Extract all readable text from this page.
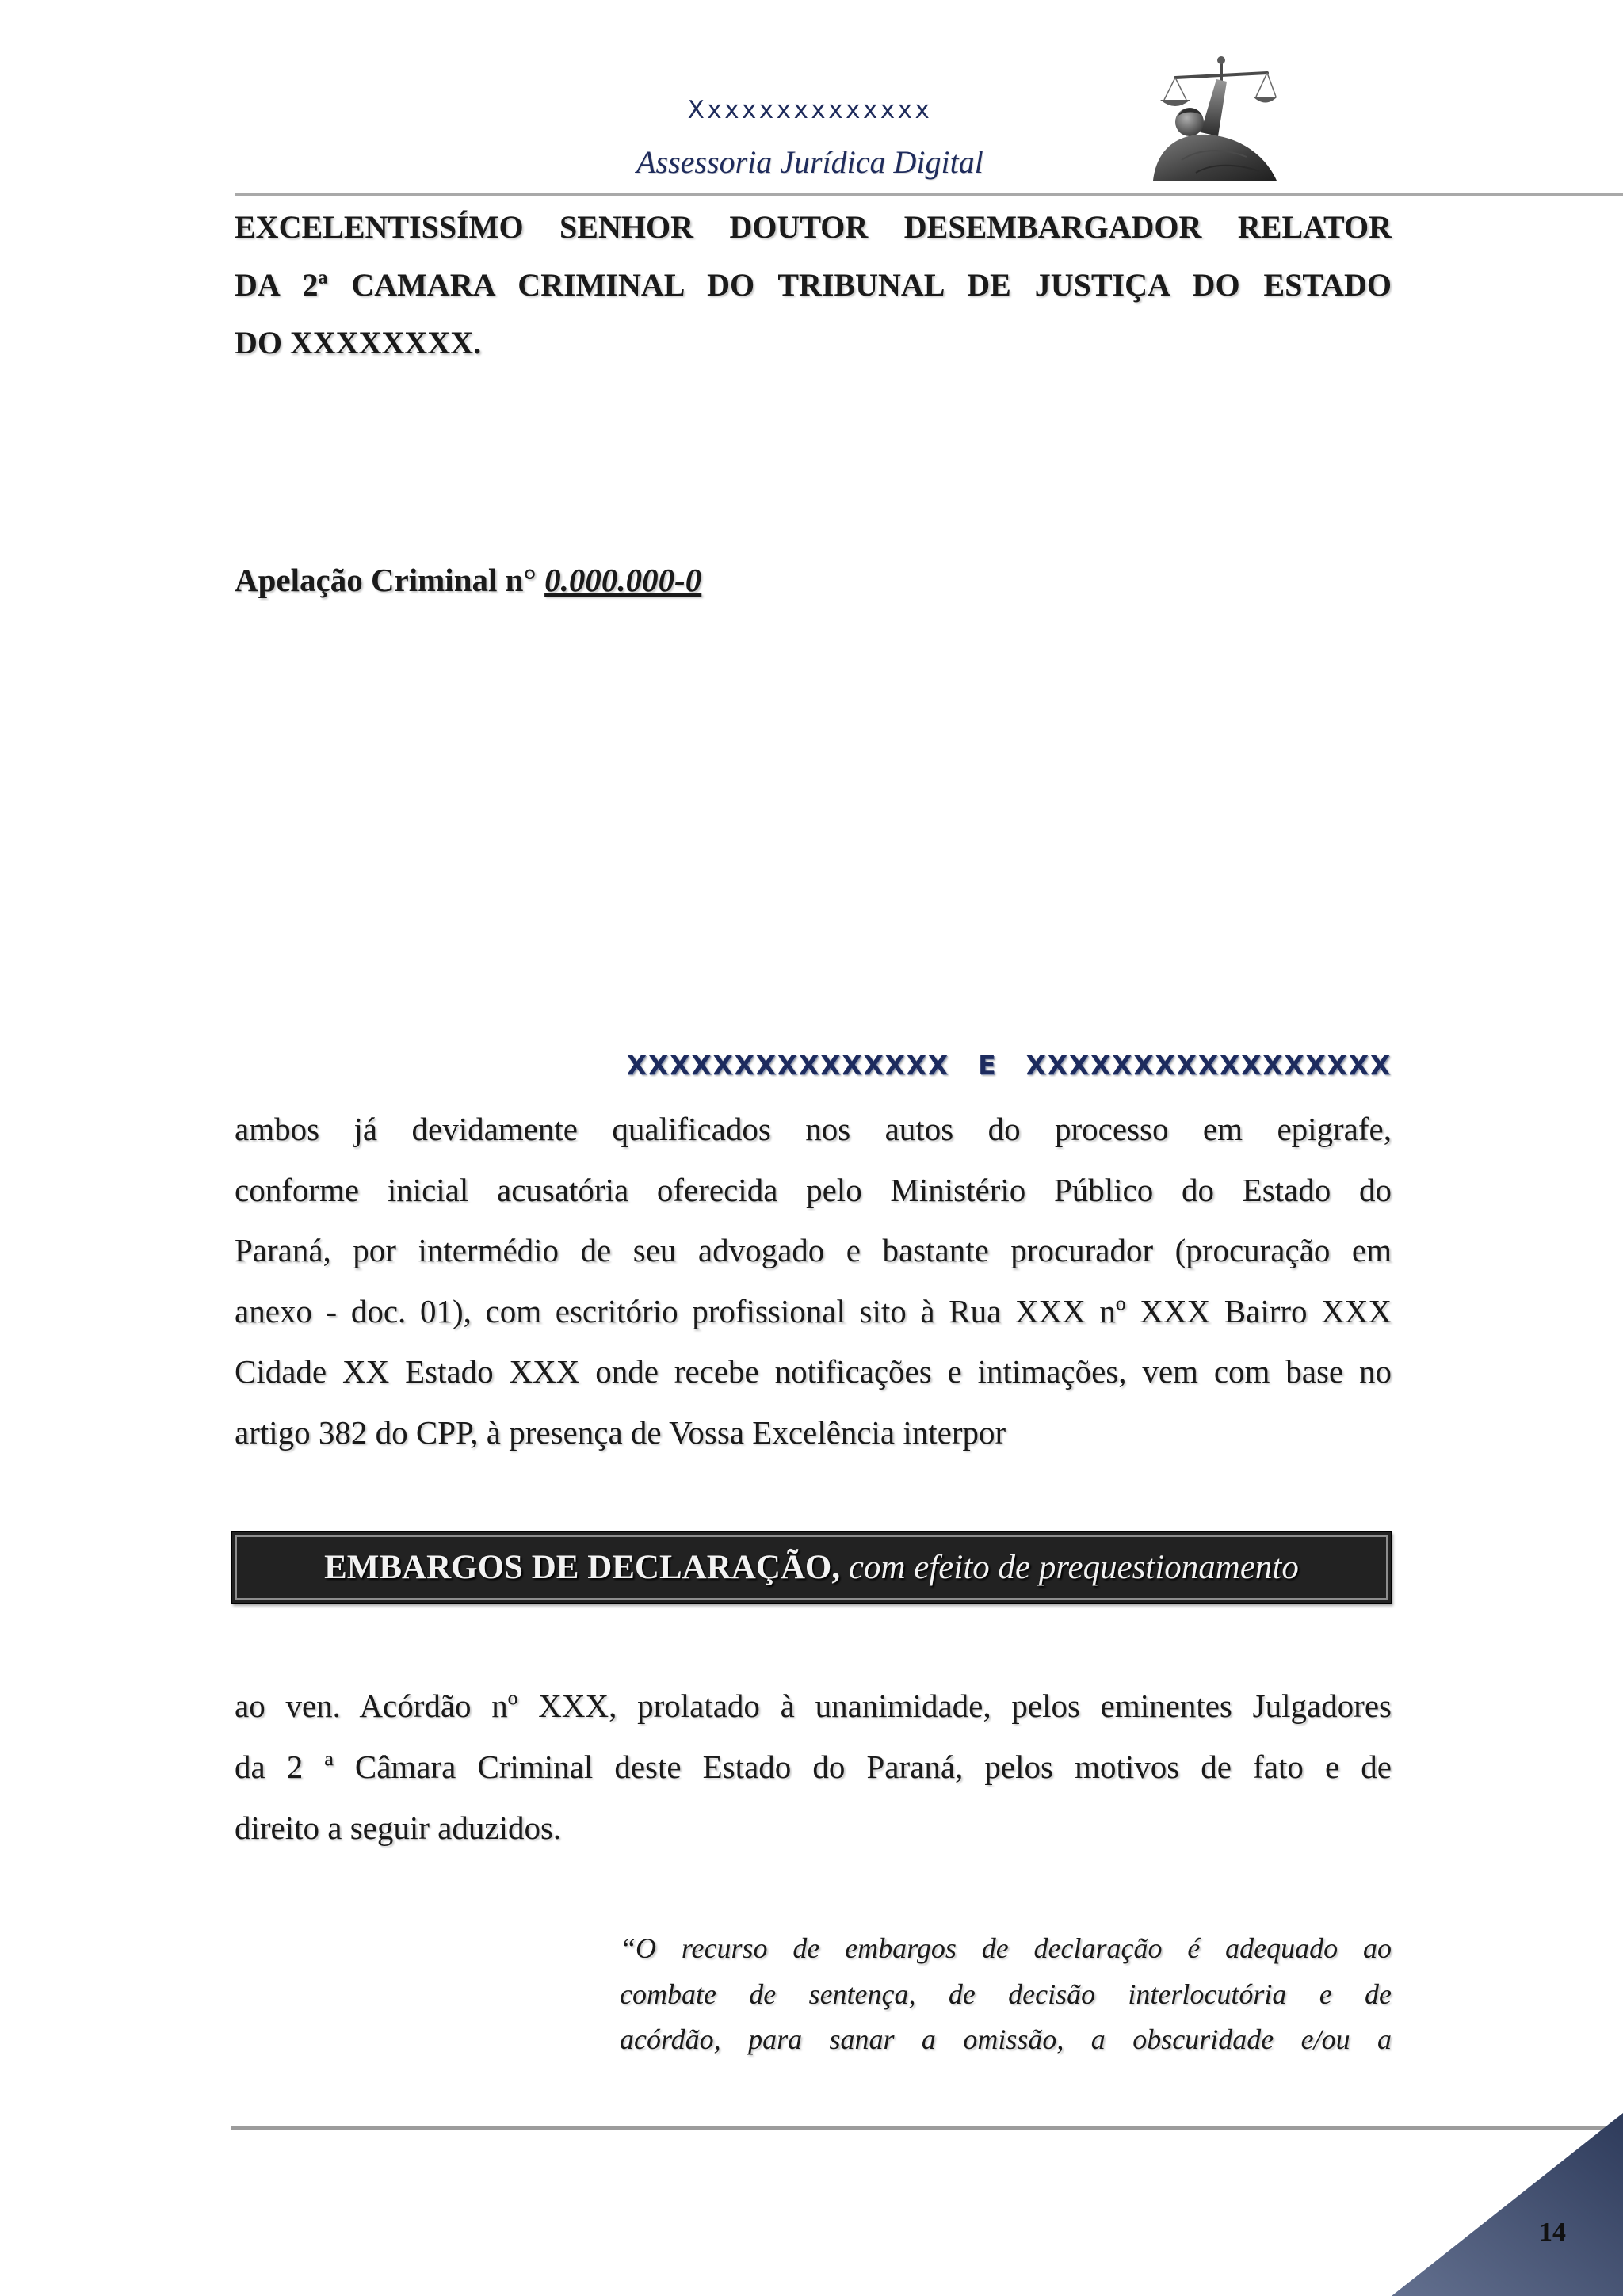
Xxxxxxxxxxxxxx
Assessoria Jurídica Digital
EXCELENTISSÍMO SENHOR DOUTOR DESEMBARGADOR RELATOR
DA 2ª CAMARA CRIMINAL DO TRIBUNAL DE JUSTIÇA DO ESTADO
DO XXXXXXXX.
Apelação Criminal n° 0.000.000-0
XXXXXXXXXXXXXXX E XXXXXXXXXXXXXXXXX
ambos já devidamente qualificados nos autos do processo em epigrafe,
conforme inicial acusatória oferecida pelo Ministério Público do Estado do
Paraná, por intermédio de seu advogado e bastante procurador (procuração em
anexo - doc. 01), com escritório profissional sito à Rua XXX nº XXX Bairro XXX
Cidade XX Estado XXX onde recebe notificações e intimações, vem com base no
artigo 382 do CPP, à presença de Vossa Excelência interpor
EMBARGOS DE DECLARAÇÃO,
com efeito de prequestionamento
ao ven. Acórdão nº XXX, prolatado à unanimidade, pelos eminentes Julgadores
da 2 ª Câmara Criminal deste Estado do Paraná, pelos motivos de fato e de
direito a seguir aduzidos.
“O recurso de embargos de declaração é adequado ao
combate de sentença, de decisão interlocutória e de
acórdão, para sanar a omissão, a obscuridade e/ou a
14
